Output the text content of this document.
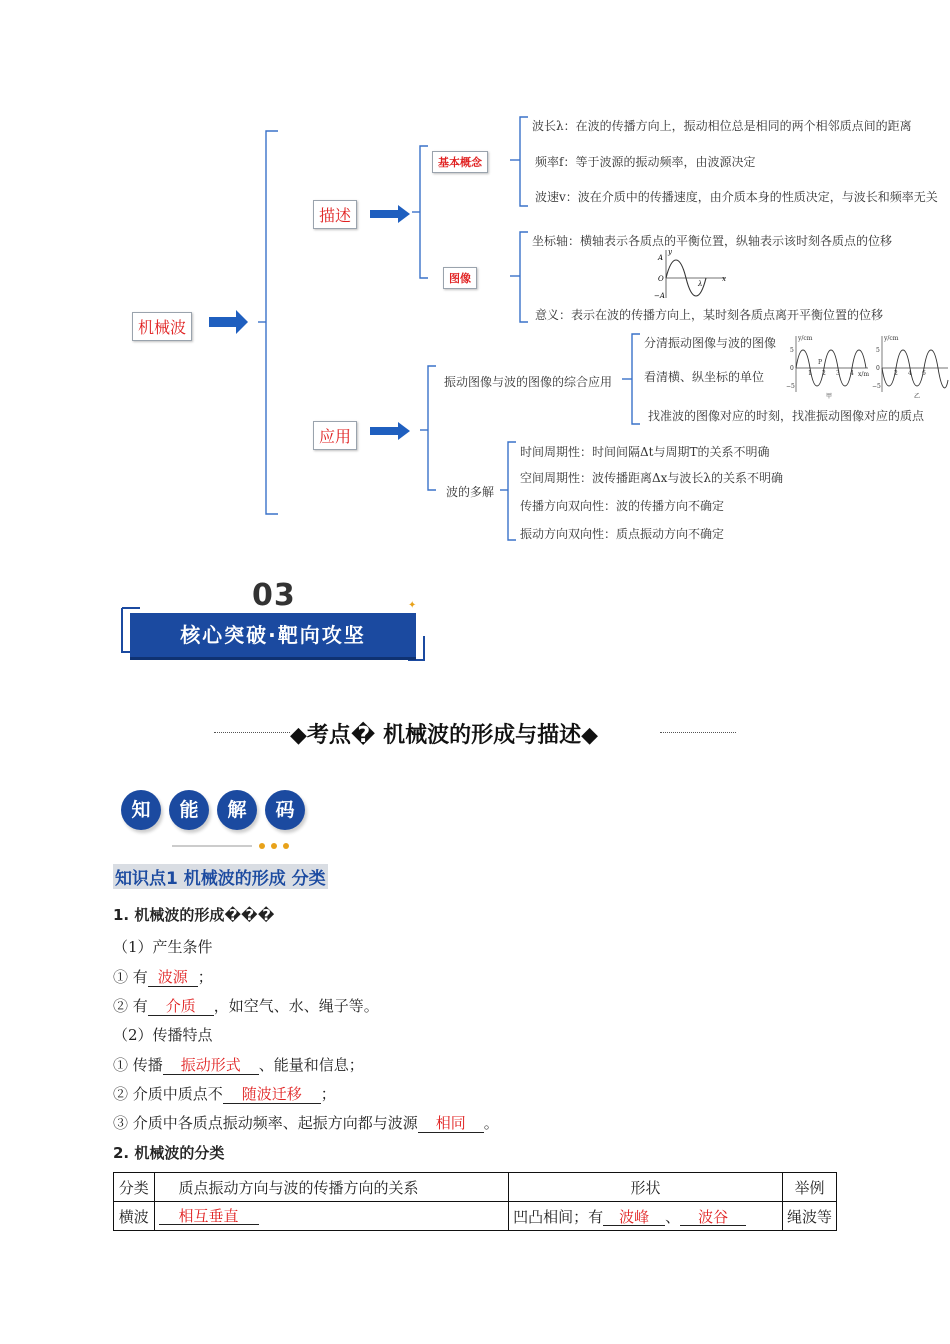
机械波
描述
应用
基本概念
图像
波长λ：在波的传播方向上，振动相位总是相同的两个相邻质点间的距离
频率f：等于波源的振动频率，由波源决定
波速v：波在介质中的传播速度，由介质本身的性质决定，与波长和频率无关
坐标轴：横轴表示各质点的平衡位置，纵轴表示该时刻各质点的位移
意义：表示在波的传播方向上，某时刻各质点离开平衡位置的位移
y
A
O
−A
λ
x
振动图像与波的图像的综合应用
分清振动图像与波的图像
看清横、纵坐标的单位
找准波的图像对应的时刻，找准振动图像对应的质点
y/cm
5
0
−5
1
P
2 3 4 x/m
甲
y/cm
5
0
−5
2 4 6
乙
波的多解
时间周期性：时间间隔Δt与周期T的关系不明确
空间周期性：波传播距离Δx与波长λ的关系不明确
传播方向双向性：波的传播方向不确定
振动方向双向性：质点振动方向不确定
03	✦
核心突破·靶向攻坚
◆考点� 机械波的形成与描述◆
知 能 解 码
知识点1 机械波的形成 分类
1. 机械波的形成���
（1）产生条件
① 有 波源 ；
② 有 介质 ，如空气、水、绳子等。
（2）传播特点
① 传播 振动形式 、能量和信息；
② 介质中质点不 随波迁移 ；
③ 介质中各质点振动频率、起振方向都与波源 相同 。
2. 机械波的分类
分类	质点振动方向与波的传播方向的关系	形状	举例
横波	相互垂直	凹凸相间；有 波峰 、 波谷	绳波等
